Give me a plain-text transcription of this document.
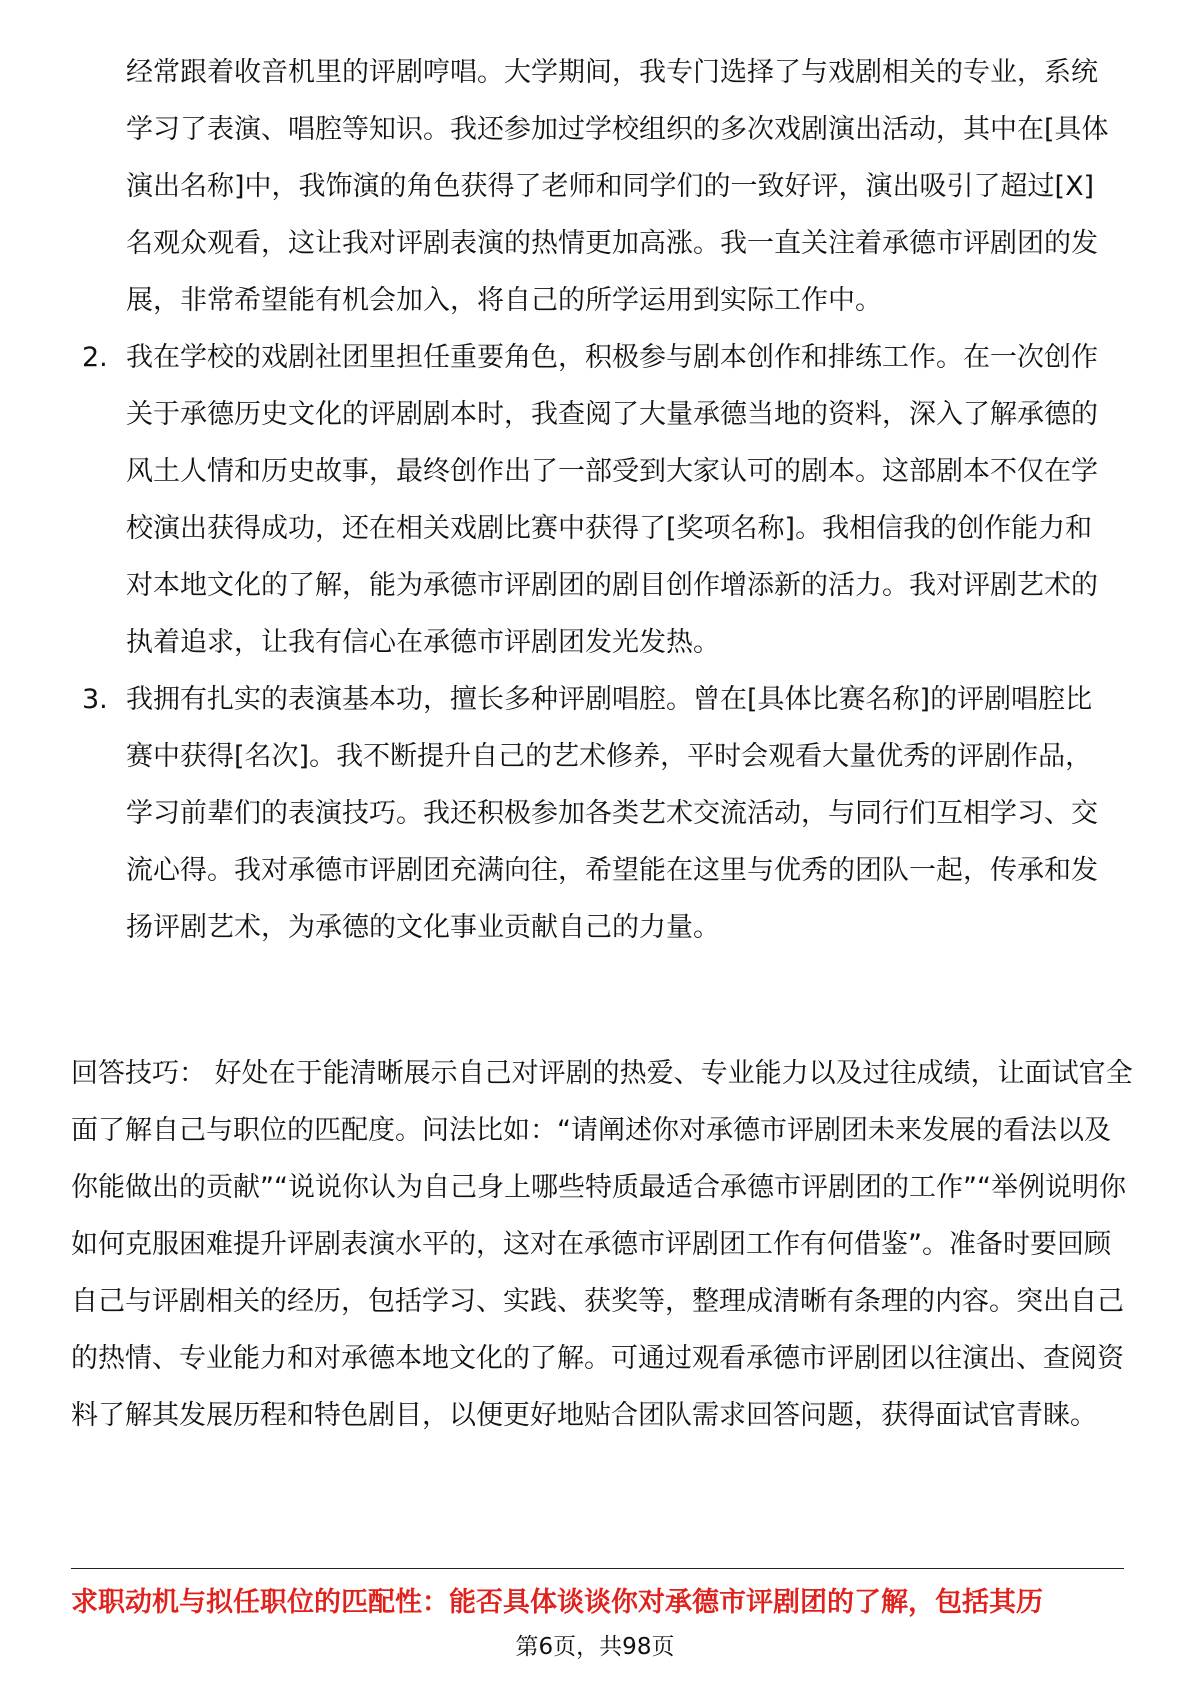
经常跟着收音机里的评剧哼唱。大学期间，我专门选择了与戏剧相关的专业，系统学习了表演、唱腔等知识。我还参加过学校组织的多次戏剧演出活动，其中在[具体演出名称]中，我饰演的角色获得了老师和同学们的一致好评，演出吸引了超过[X]名观众观看，这让我对评剧表演的热情更加高涨。我一直关注着承德市评剧团的发展，非常希望能有机会加入，将自己的所学运用到实际工作中。
2. 我在学校的戏剧社团里担任重要角色，积极参与剧本创作和排练工作。在一次创作关于承德历史文化的评剧剧本时，我查阅了大量承德当地的资料，深入了解承德的风土人情和历史故事，最终创作出了一部受到大家认可的剧本。这部剧本不仅在学校演出获得成功，还在相关戏剧比赛中获得了[奖项名称]。我相信我的创作能力和对本地文化的了解，能为承德市评剧团的剧目创作增添新的活力。我对评剧艺术的执着追求，让我有信心在承德市评剧团发光发热。
3. 我拥有扎实的表演基本功，擅长多种评剧唱腔。曾在[具体比赛名称]的评剧唱腔比赛中获得[名次]。我不断提升自己的艺术修养，平时会观看大量优秀的评剧作品，学习前辈们的表演技巧。我还积极参加各类艺术交流活动，与同行们互相学习、交流心得。我对承德市评剧团充满向往，希望能在这里与优秀的团队一起，传承和发扬评剧艺术，为承德的文化事业贡献自己的力量。
回答技巧： 好处在于能清晰展示自己对评剧的热爱、专业能力以及过往成绩，让面试官全面了解自己与职位的匹配度。问法比如：“请阐述你对承德市评剧团未来发展的看法以及你能做出的贡献”“说说你认为自己身上哪些特质最适合承德市评剧团的工作”“举例说明你如何克服困难提升评剧表演水平的，这对在承德市评剧团工作有何借鉴”。准备时要回顾自己与评剧相关的经历，包括学习、实践、获奖等，整理成清晰有条理的内容。突出自己的热情、专业能力和对承德本地文化的了解。可通过观看承德市评剧团以往演出、查阅资料了解其发展历程和特色剧目，以便更好地贴合团队需求回答问题，获得面试官青睐。
求职动机与拟任职位的匹配性：能否具体谈谈你对承德市评剧团的了解，包括其历
第6页，共98页
